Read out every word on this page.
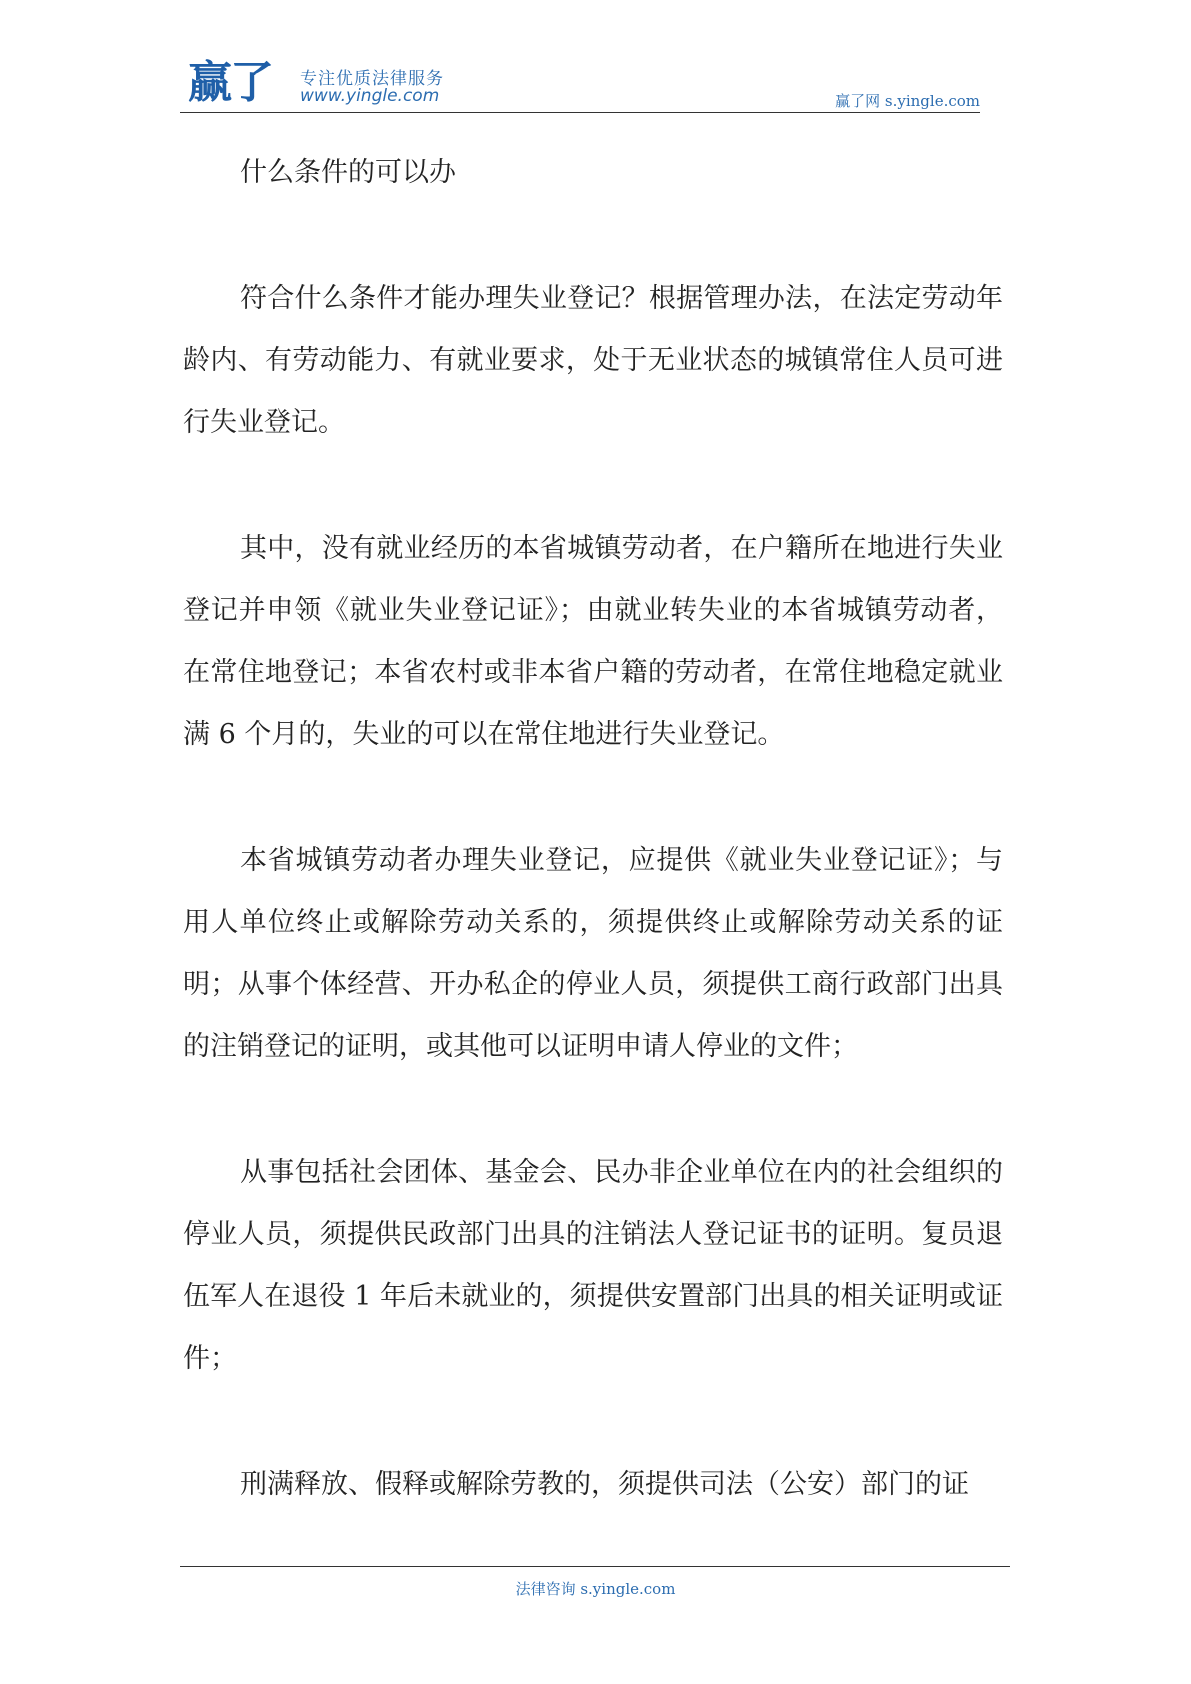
赢了 专注优质法律服务
www.yingle.com	赢了网 s.yingle.com

什么条件的可以办

符合什么条件才能办理失业登记？根据管理办法，在法定劳动年龄内、有劳动能力、有就业要求，处于无业状态的城镇常住人员可进行失业登记。

其中，没有就业经历的本省城镇劳动者，在户籍所在地进行失业登记并申领《就业失业登记证》；由就业转失业的本省城镇劳动者，在常住地登记；本省农村或非本省户籍的劳动者，在常住地稳定就业满 6 个月的，失业的可以在常住地进行失业登记。

本省城镇劳动者办理失业登记，应提供《就业失业登记证》；与用人单位终止或解除劳动关系的，须提供终止或解除劳动关系的证明；从事个体经营、开办私企的停业人员，须提供工商行政部门出具的注销登记的证明，或其他可以证明申请人停业的文件；

从事包括社会团体、基金会、民办非企业单位在内的社会组织的停业人员，须提供民政部门出具的注销法人登记证书的证明。复员退伍军人在退役 1 年后未就业的，须提供安置部门出具的相关证明或证件；

刑满释放、假释或解除劳教的，须提供司法（公安）部门的证

法律咨询 s.yingle.com
